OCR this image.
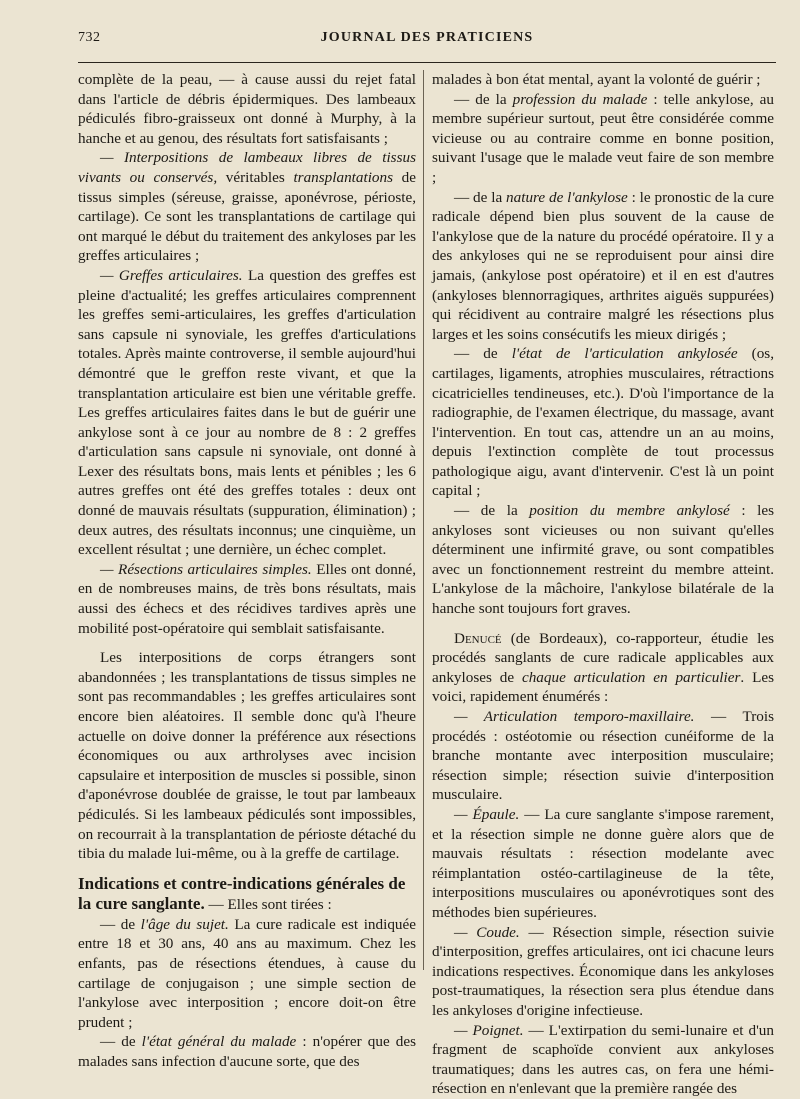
732	JOURNAL DES PRATICIENS

complète de la peau, — à cause aussi du rejet fatal dans l'article de débris épidermiques. Des lambeaux pédiculés fibro-graisseux ont donné à Murphy, à la hanche et au genou, des résultats fort satisfaisants ;

— Interpositions de lambeaux libres de tissus vivants ou conservés, véritables transplantations de tissus simples (séreuse, graisse, aponévrose, périoste, cartilage). Ce sont les transplantations de cartilage qui ont marqué le début du traitement des ankyloses par les greffes articulaires ;

— Greffes articulaires. La question des greffes est pleine d'actualité; les greffes articulaires comprennent les greffes semi-articulaires, les greffes d'articulation sans capsule ni synoviale, les greffes d'articulations totales. Après mainte controverse, il semble aujourd'hui démontré que le greffon reste vivant, et que la transplantation articulaire est bien une véritable greffe. Les greffes articulaires faites dans le but de guérir une ankylose sont à ce jour au nombre de 8 : 2 greffes d'articulation sans capsule ni synoviale, ont donné à Lexer des résultats bons, mais lents et pénibles ; les 6 autres greffes ont été des greffes totales : deux ont donné de mauvais résultats (suppuration, élimination) ; deux autres, des résultats inconnus; une cinquième, un excellent résultat ; une dernière, un échec complet.

— Résections articulaires simples. Elles ont donné, en de nombreuses mains, de très bons résultats, mais aussi des échecs et des récidives tardives après une mobilité post-opératoire qui semblait satisfaisante.

Les interpositions de corps étrangers sont abandonnées ; les transplantations de tissus simples ne sont pas recommandables ; les greffes articulaires sont encore bien aléatoires. Il semble donc qu'à l'heure actuelle on doive donner la préférence aux résections économiques ou aux arthrolyses avec incision capsulaire et interposition de muscles si possible, sinon d'aponévrose doublée de graisse, le tout par lambeaux pédiculés. Si les lambeaux pédiculés sont impossibles, on recourrait à la transplantation de périoste détaché du tibia du malade lui-même, ou à la greffe de cartilage.

Indications et contre-indications générales de la cure sanglante. — Elles sont tirées :

— de l'âge du sujet. La cure radicale est indiquée entre 18 et 30 ans, 40 ans au maximum. Chez les enfants, pas de résections étendues, à cause du cartilage de conjugaison ; une simple section de l'ankylose avec interposition ; encore doit-on être prudent ;

— de l'état général du malade : n'opérer que des malades sans infection d'aucune sorte, que des

malades à bon état mental, ayant la volonté de guérir ;

— de la profession du malade : telle ankylose, au membre supérieur surtout, peut être considérée comme vicieuse ou au contraire comme en bonne position, suivant l'usage que le malade veut faire de son membre ;

— de la nature de l'ankylose : le pronostic de la cure radicale dépend bien plus souvent de la cause de l'ankylose que de la nature du procédé opératoire. Il y a des ankyloses qui ne se reproduisent pour ainsi dire jamais, (ankylose post opératoire) et il en est d'autres (ankyloses blennorragiques, arthrites aiguës suppurées) qui récidivent au contraire malgré les résections plus larges et les soins consécutifs les mieux dirigés ;

— de l'état de l'articulation ankylosée (os, cartilages, ligaments, atrophies musculaires, rétractions cicatricielles tendineuses, etc.). D'où l'importance de la radiographie, de l'examen électrique, du massage, avant l'intervention. En tout cas, attendre un an au moins, depuis l'extinction complète de tout processus pathologique aigu, avant d'intervenir. C'est là un point capital ;

— de la position du membre ankylosé : les ankyloses sont vicieuses ou non suivant qu'elles déterminent une infirmité grave, ou sont compatibles avec un fonctionnement restreint du membre atteint. L'ankylose de la mâchoire, l'ankylose bilatérale de la hanche sont toujours fort graves.

Denucé (de Bordeaux), co-rapporteur, étudie les procédés sanglants de cure radicale applicables aux ankyloses de chaque articulation en particulier. Les voici, rapidement énumérés :

— Articulation temporo-maxillaire. — Trois procédés : ostéotomie ou résection cunéiforme de la branche montante avec interposition musculaire; résection simple; résection suivie d'interposition musculaire.

— Épaule. — La cure sanglante s'impose rarement, et la résection simple ne donne guère alors que de mauvais résultats : résection modelante avec réimplantation ostéo-cartilagineuse de la tête, interpositions musculaires ou aponévrotiques sont des méthodes bien supérieures.

— Coude. — Résection simple, résection suivie d'interposition, greffes articulaires, ont ici chacune leurs indications respectives. Économique dans les ankyloses post-traumatiques, la résection sera plus étendue dans les ankyloses d'origine infectieuse.

— Poignet. — L'extirpation du semi-lunaire et d'un fragment de scaphoïde convient aux ankyloses traumatiques; dans les autres cas, on fera une hémi-résection en n'enlevant que la première rangée des
